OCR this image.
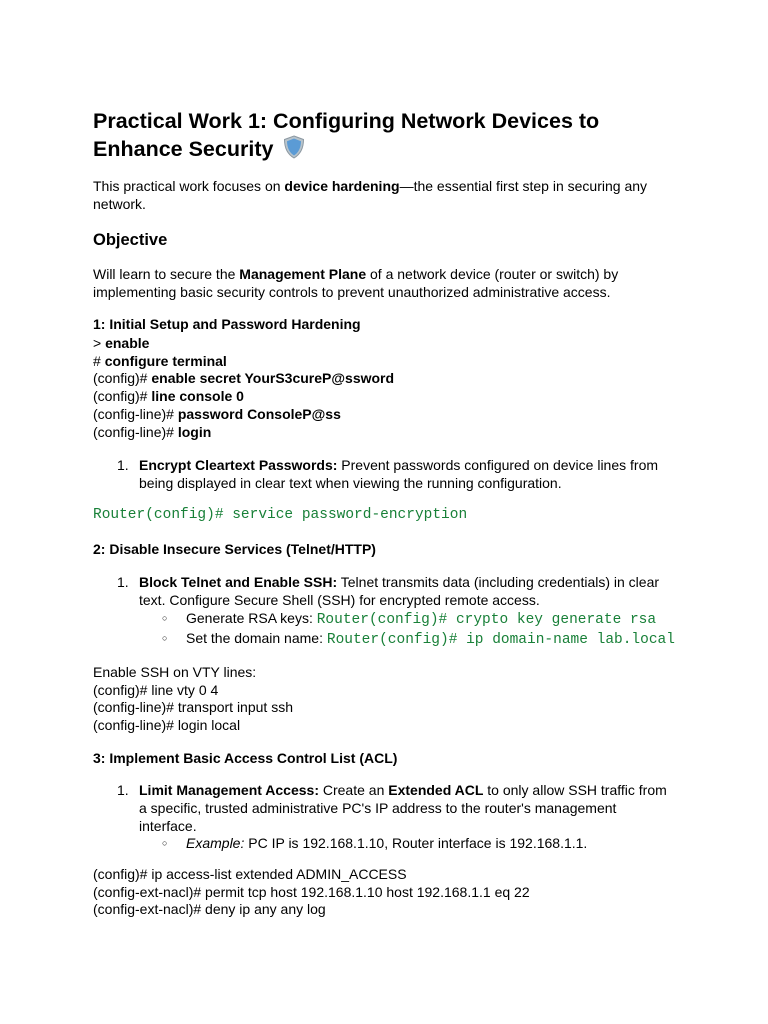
Practical Work 1: Configuring Network Devices to
Enhance Security
This practical work focuses on device hardening—the essential first step in securing any
network.
Objective
Will learn to secure the Management Plane of a network device (router or switch) by
implementing basic security controls to prevent unauthorized administrative access.
1: Initial Setup and Password Hardening
> enable
# configure terminal
(config)# enable secret YourS3cureP@ssword
(config)# line console 0
(config-line)# password ConsoleP@ss
(config-line)# login
1. Encrypt Cleartext Passwords: Prevent passwords configured on device lines from
being displayed in clear text when viewing the running configuration.
Router(config)# service password-encryption
2: Disable Insecure Services (Telnet/HTTP)
1. Block Telnet and Enable SSH: Telnet transmits data (including credentials) in clear
text. Configure Secure Shell (SSH) for encrypted remote access.
○ Generate RSA keys: Router(config)# crypto key generate rsa
○ Set the domain name: Router(config)# ip domain-name lab.local
Enable SSH on VTY lines:
(config)# line vty 0 4
(config-line)# transport input ssh
(config-line)# login local
3: Implement Basic Access Control List (ACL)
1. Limit Management Access: Create an Extended ACL to only allow SSH traffic from
a specific, trusted administrative PC's IP address to the router's management
interface.
○ Example: PC IP is 192.168.1.10, Router interface is 192.168.1.1.
(config)# ip access-list extended ADMIN_ACCESS
(config-ext-nacl)# permit tcp host 192.168.1.10 host 192.168.1.1 eq 22
(config-ext-nacl)# deny ip any any log
